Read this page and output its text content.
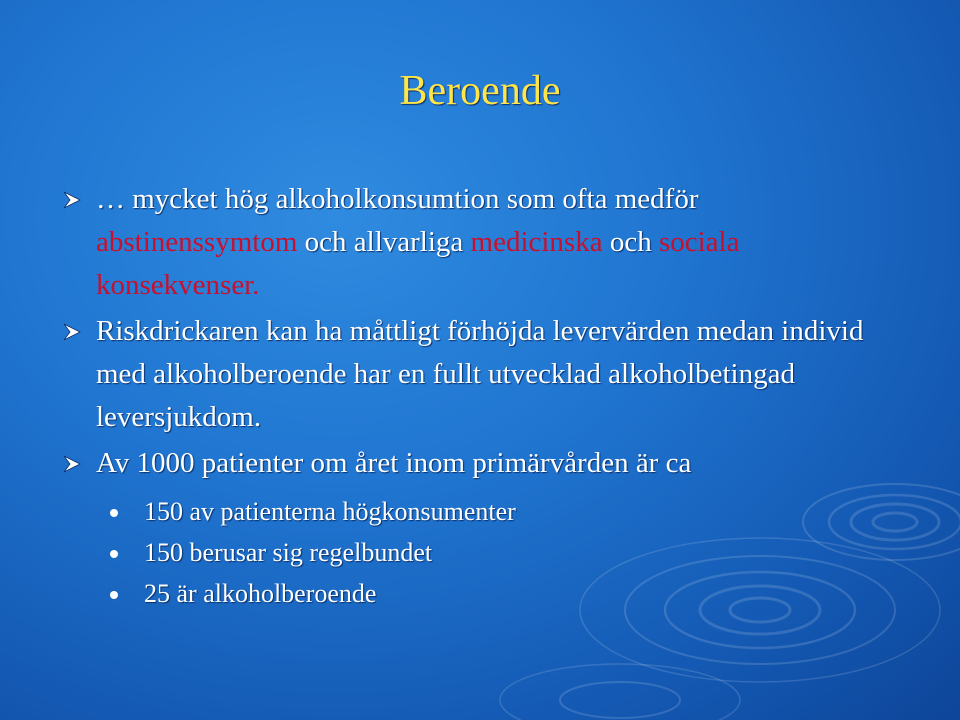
Beroende
… mycket hög alkoholkonsumtion som ofta medför abstinenssymtom och allvarliga medicinska och sociala konsekvenser.
Riskdrickaren kan ha måttligt förhöjda levervärden medan individ med alkoholberoende har en fullt utvecklad alkoholbetingad leversjukdom.
Av 1000 patienter om året inom primärvården är ca
150 av patienterna högkonsumenter
150 berusar sig regelbundet
25 är alkoholberoende
